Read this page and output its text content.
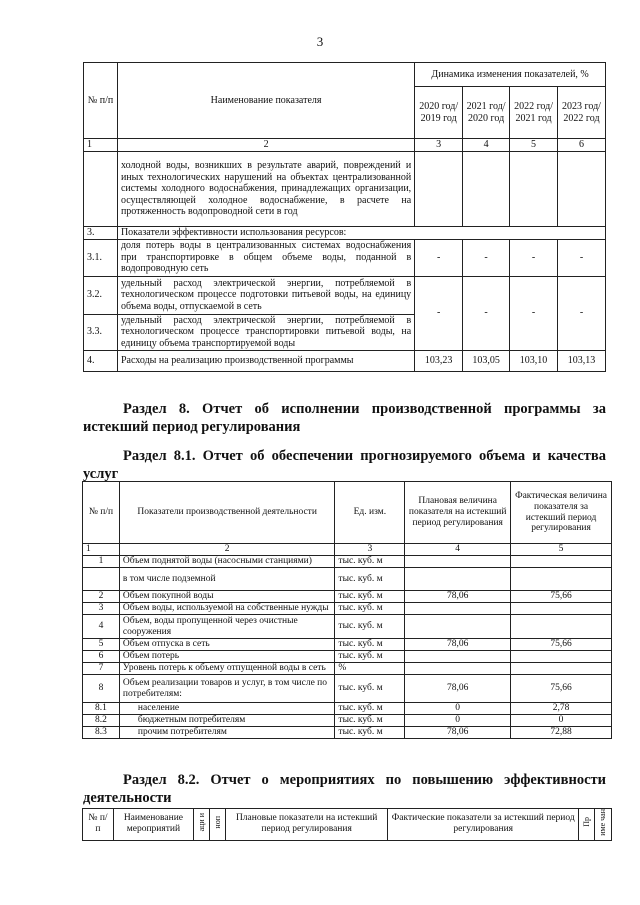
3
№ п/п	Наименование показателя	Динамика изменения показателей, %			
		2020 год/ 2019 год	2021 год/ 2020 год	2022 год/ 2021 год	2023 год/ 2022 год
1	2	3	4	5	6
	холодной воды, возникших в результате аварий, повреждений и иных технологических нарушений на объектах централизованной системы холодного водоснабжения, принадлежащих организации, осуществляющей холодное водоснабжение, в расчете на протяженность водопроводной сети в год				
3.	Показатели эффективности использования ресурсов:				
3.1.	доля потерь воды в централизованных системах водоснабжения при транспортировке в общем объеме воды, поданной в водопроводную сеть	-	-	-	-
3.2.	удельный расход электрической энергии, потребляемой в технологическом процессе подготовки питьевой воды, на единицу объема воды, отпускаемой в сеть	-	-	-	-
3.3.	удельный расход электрической энергии, потребляемой в технологическом процессе транспортировки питьевой воды, на единицу объема транспортируемой воды				
4.	Расходы на реализацию производственной программы	103,23	103,05	103,10	103,13
Раздел 8. Отчет об исполнении производственной программы за истекший период регулирования
Раздел 8.1. Отчет об обеспечении прогнозируемого объема и качества услуг
№ п/п	Показатели производственной деятельности	Ед. изм.	Плановая величина показателя на истекший период регулирования	Фактическая величина показателя за истекший период регулирования
1	2	3	4	5
1	Объем поднятой воды (насосными станциями)	тыс. куб. м		
	в том числе подземной	тыс. куб. м		
2	Объем покупной воды	тыс. куб. м	78,06	75,66
3	Объем воды, используемой на собственные нужды	тыс. куб. м		
4	Объем, воды пропущенной через очистные сооружения	тыс. куб. м		
5	Объем отпуска в сеть	тыс. куб. м	78,06	75,66
6	Объем потерь	тыс. куб. м		
7	Уровень потерь к объему отпущенной воды в сеть	%		
8	Объем реализации товаров и услуг, в том числе по потребителям:	тыс. куб. м	78,06	75,66
8.1	население	тыс. куб. м	0	2,78
8.2	бюджетным потребителям	тыс. куб. м	0	0
8.3	прочим потребителям	тыс. куб. м	78,06	72,88
Раздел 8.2. Отчет о мероприятиях по повышению эффективности деятельности
№ п/п	Наименование мероприятий	аци и	ноп	Плановые показатели на истекший период регулирования	Фактические показатели за истекший период регулирования	Пр	име чан
